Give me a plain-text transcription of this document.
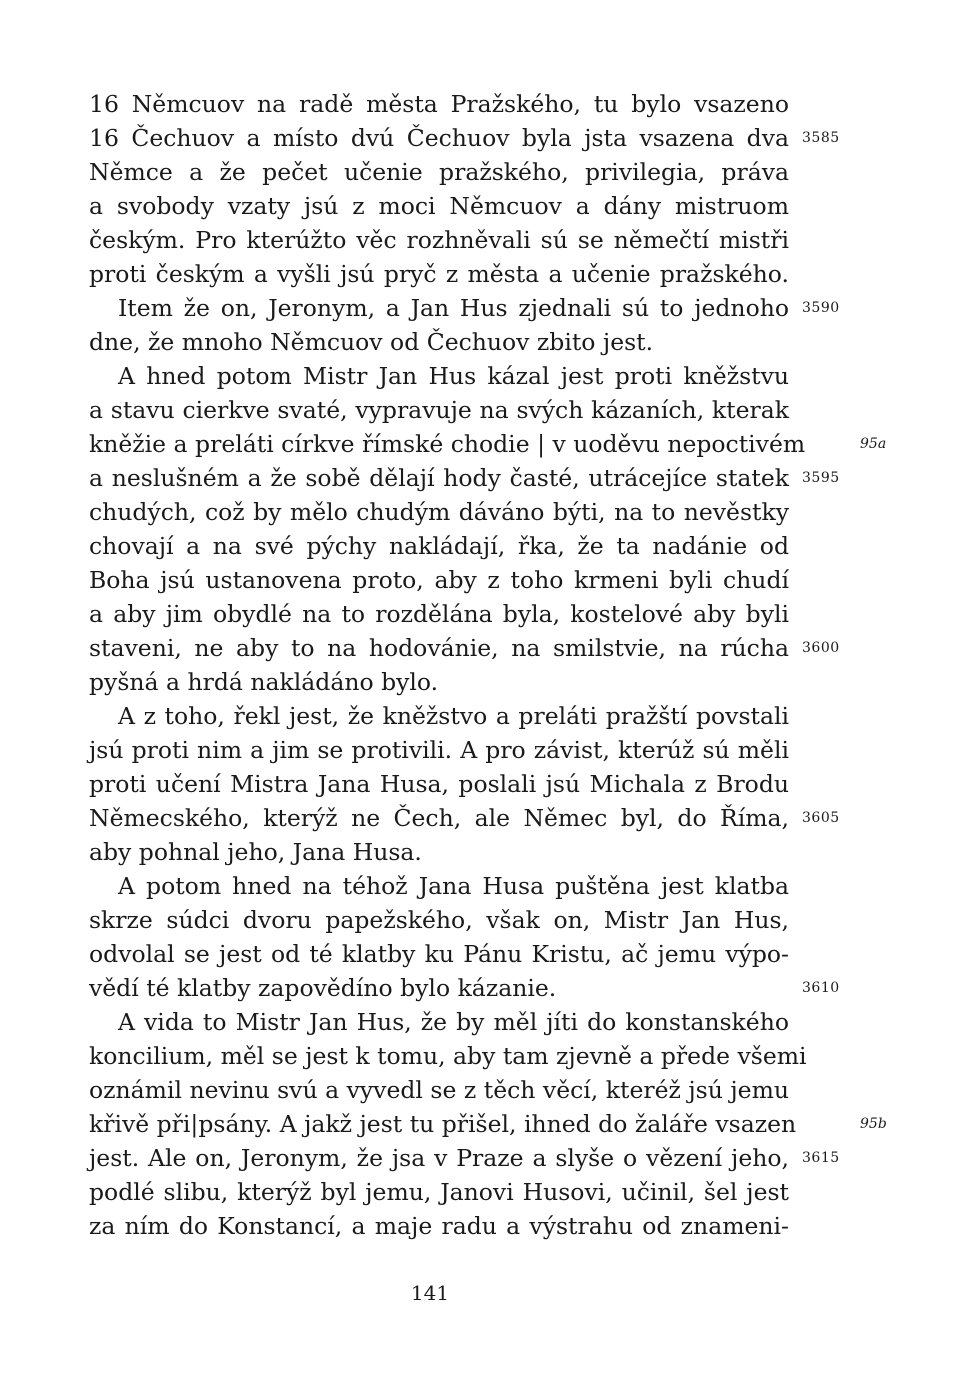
16 Němcuov na radě města Pražského, tu bylo vsazeno
16 Čechuov a místo dvú Čechuov byla jsta vsazena dva
Němce a že pečet učenie pražského, privilegia, práva
a svobody vzaty jsú z moci Němcuov a dány mistruom
českým. Pro kterúžto věc rozhněvali sú se němečtí mistři
proti českým a vyšli jsú pryč z města a učenie pražského.
Item že on, Jeronym, a Jan Hus zjednali sú to jednoho
dne, že mnoho Němcuov od Čechuov zbito jest.
A hned potom Mistr Jan Hus kázal jest proti kněžstvu
a stavu cierkve svaté, vypravuje na svých kázaních, kterak
kněžie a preláti církve římské chodie | v uoděvu nepoctivém
a neslušném a že sobě dělají hody časté, utrácejíce statek
chudých, což by mělo chudým dáváno býti, na to nevěstky
chovají a na své pýchy nakládají, řka, že ta nadánie od
Boha jsú ustanovena proto, aby z toho krmeni byli chudí
a aby jim obydlé na to rozdělána byla, kostelové aby byli
staveni, ne aby to na hodovánie, na smilstvie, na rúcha
pyšná a hrdá nakládáno bylo.
A z toho, řekl jest, že kněžstvo a preláti pražští povstali
jsú proti nim a jim se protivili. A pro závist, kterúž sú měli
proti učení Mistra Jana Husa, poslali jsú Michala z Brodu
Němecského, kterýž ne Čech, ale Němec byl, do Říma,
aby pohnal jeho, Jana Husa.
A potom hned na téhož Jana Husa puštěna jest klatba
skrze súdci dvoru papežského, však on, Mistr Jan Hus,
odvolal se jest od té klatby ku Pánu Kristu, ač jemu výpo-
vědí té klatby zapovědíno bylo kázanie.
A vida to Mistr Jan Hus, že by měl jíti do konstanského
koncilium, měl se jest k tomu, aby tam zjevně a přede všemi
oznámil nevinu svú a vyvedl se z těch věcí, kteréž jsú jemu
křivě při|psány. A jakž jest tu přišel, ihned do žaláře vsazen
jest. Ale on, Jeronym, že jsa v Praze a slyše o vězení jeho,
podlé slibu, kterýž byl jemu, Janovi Husovi, učinil, šel jest
za ním do Konstancí, a maje radu a výstrahu od znameni-
3585
3590
3595
3600
3605
3610
3615
95a
95b
141
